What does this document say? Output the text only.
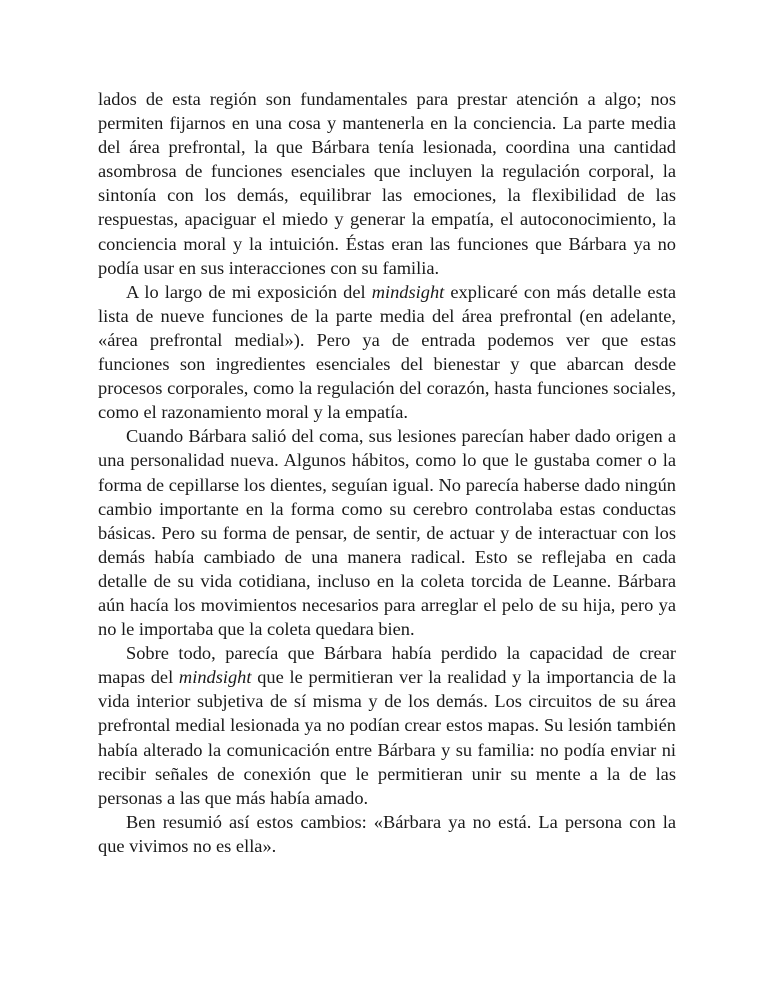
lados de esta región son fundamentales para prestar atención a algo; nos permiten fijarnos en una cosa y mantenerla en la conciencia. La parte media del área prefrontal, la que Bárbara tenía lesionada, coordina una cantidad asombrosa de funciones esenciales que incluyen la regulación corporal, la sintonía con los demás, equilibrar las emociones, la flexibilidad de las respuestas, apaciguar el miedo y generar la empatía, el autoconocimiento, la conciencia moral y la intuición. Éstas eran las funciones que Bárbara ya no podía usar en sus interacciones con su familia.

A lo largo de mi exposición del mindsight explicaré con más detalle esta lista de nueve funciones de la parte media del área prefrontal (en adelante, «área prefrontal medial»). Pero ya de entrada podemos ver que estas funciones son ingredientes esenciales del bienestar y que abarcan desde procesos corporales, como la regulación del corazón, hasta funciones sociales, como el razonamiento moral y la empatía.

Cuando Bárbara salió del coma, sus lesiones parecían haber dado origen a una personalidad nueva. Algunos hábitos, como lo que le gustaba comer o la forma de cepillarse los dientes, seguían igual. No parecía haberse dado ningún cambio importante en la forma como su cerebro controlaba estas conductas básicas. Pero su forma de pensar, de sentir, de actuar y de interactuar con los demás había cambiado de una manera radical. Esto se reflejaba en cada detalle de su vida cotidiana, incluso en la coleta torcida de Leanne. Bárbara aún hacía los movimientos necesarios para arreglar el pelo de su hija, pero ya no le importaba que la coleta quedara bien.

Sobre todo, parecía que Bárbara había perdido la capacidad de crear mapas del mindsight que le permitieran ver la realidad y la importancia de la vida interior subjetiva de sí misma y de los demás. Los circuitos de su área prefrontal medial lesionada ya no podían crear estos mapas. Su lesión también había alterado la comunicación entre Bárbara y su familia: no podía enviar ni recibir señales de conexión que le permitieran unir su mente a la de las personas a las que más había amado.

Ben resumió así estos cambios: «Bárbara ya no está. La persona con la que vivimos no es ella».
